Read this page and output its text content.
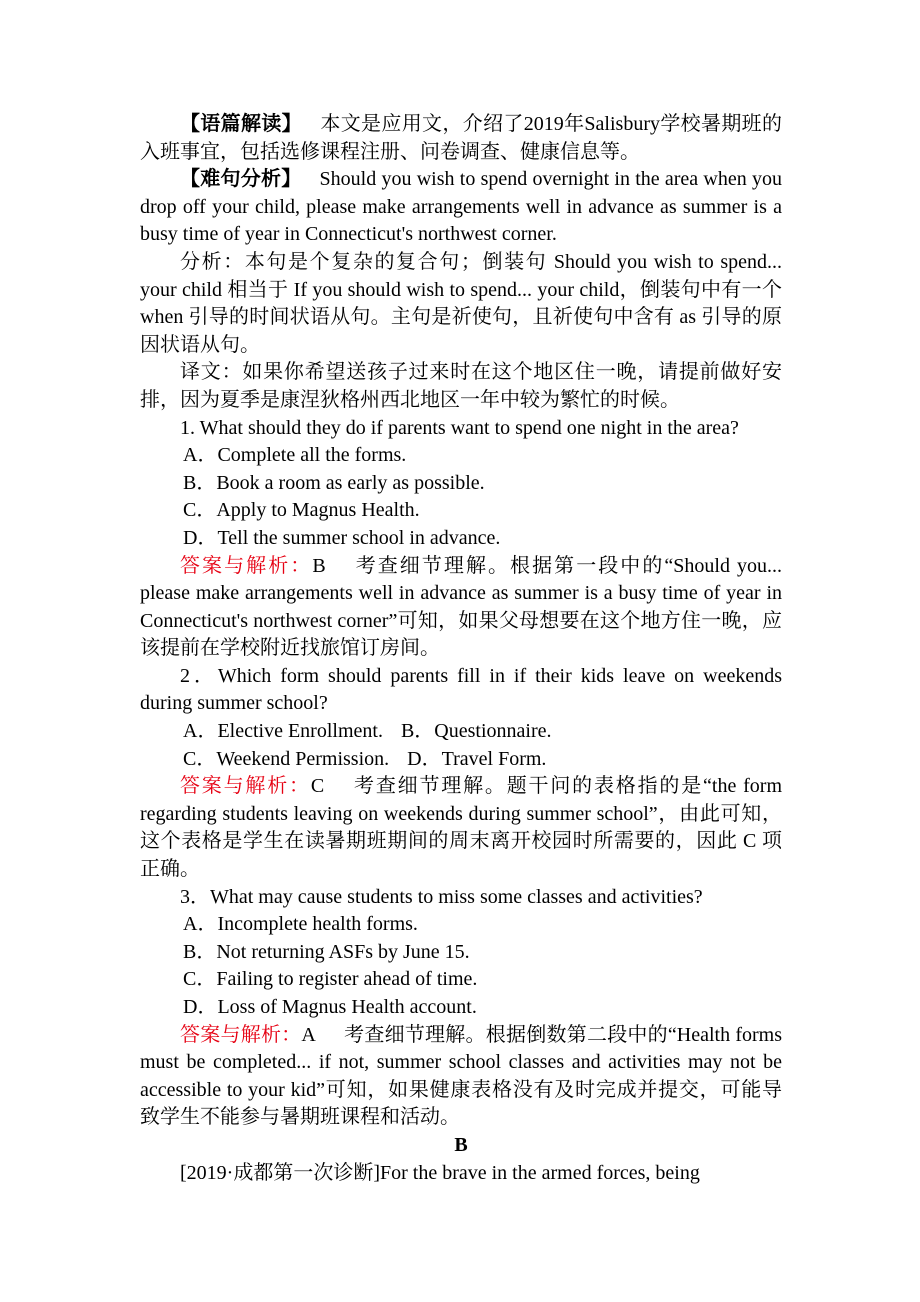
【语篇解读】 本文是应用文，介绍了2019年Salisbury学校暑期班的入班事宜，包括选修课程注册、问卷调查、健康信息等。

【难句分析】 Should you wish to spend overnight in the area when you drop off your child, please make arrangements well in advance as summer is a busy time of year in Connecticut's northwest corner.

分析：本句是个复杂的复合句；倒装句 Should you wish to spend... your child 相当于 If you should wish to spend... your child，倒装句中有一个 when 引导的时间状语从句。主句是祈使句，且祈使句中含有 as 引导的原因状语从句。

译文：如果你希望送孩子过来时在这个地区住一晚，请提前做好安排，因为夏季是康涅狄格州西北地区一年中较为繁忙的时候。

1. What should they do if parents want to spend one night in the area?

A．Complete all the forms.

B．Book a room as early as possible.

C．Apply to Magnus Health.

D．Tell the summer school in advance.

答案与解析：B 考查细节理解。根据第一段中的“Should you... please make arrangements well in advance as summer is a busy time of year in Connecticut's northwest corner”可知，如果父母想要在这个地方住一晚，应该提前在学校附近找旅馆订房间。

2．Which form should parents fill in if their kids leave on weekends during summer school?

A．Elective Enrollment. B．Questionnaire.

C．Weekend Permission. D．Travel Form.

答案与解析：C 考查细节理解。题干问的表格指的是“the form regarding students leaving on weekends during summer school”，由此可知，这个表格是学生在读暑期班期间的周末离开校园时所需要的，因此 C 项正确。

3．What may cause students to miss some classes and activities?

A．Incomplete health forms.

B．Not returning ASFs by June 15.

C．Failing to register ahead of time.

D．Loss of Magnus Health account.

答案与解析：A 考查细节理解。根据倒数第二段中的“Health forms must be completed... if not, summer school classes and activities may not be accessible to your kid”可知，如果健康表格没有及时完成并提交，可能导致学生不能参与暑期班课程和活动。

B

[2019·成都第一次诊断]For the brave in the armed forces, being
